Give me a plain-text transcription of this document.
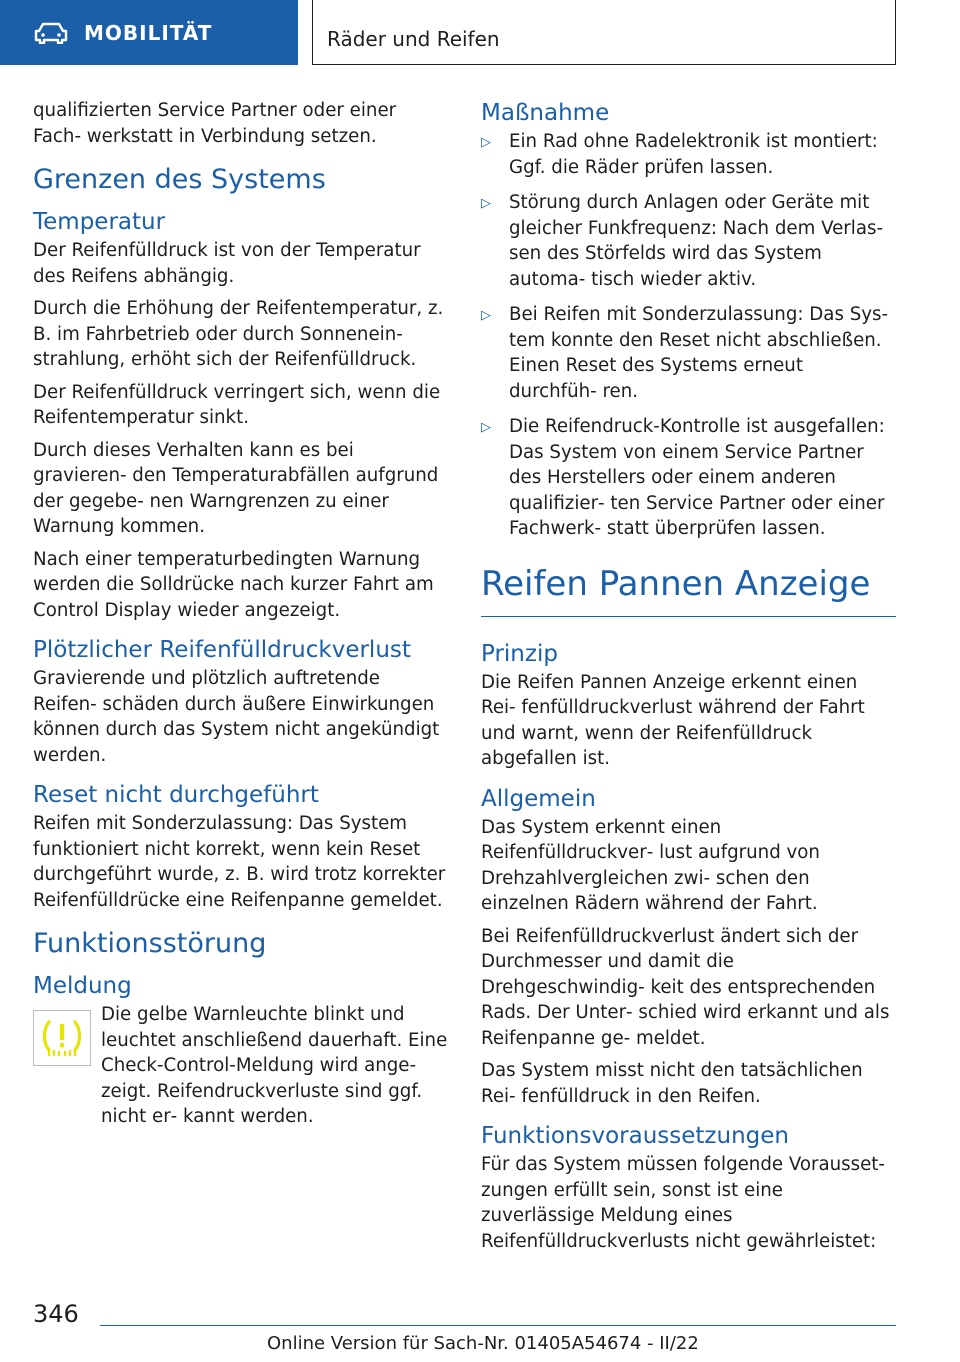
MOBILITÄT	Räder und Reifen

qualifizierten Service Partner oder einer Fach‐ werkstatt in Verbindung setzen.

Grenzen des Systems
Temperatur

Der Reifenfülldruck ist von der Temperatur des Reifens abhängig.

Durch die Erhöhung der Reifentemperatur, z. B. im Fahrbetrieb oder durch Sonnenein‐ strahlung, erhöht sich der Reifenfülldruck.

Der Reifenfülldruck verringert sich, wenn die Reifentemperatur sinkt.

Durch dieses Verhalten kann es bei gravieren‐ den Temperaturabfällen aufgrund der gegebe‐ nen Warngrenzen zu einer Warnung kommen.

Nach einer temperaturbedingten Warnung werden die Solldrücke nach kurzer Fahrt am Control Display wieder angezeigt.

Plötzlicher Reifenfülldruckverlust

Gravierende und plötzlich auftretende Reifen‐ schäden durch äußere Einwirkungen können durch das System nicht angekündigt werden.

Reset nicht durchgeführt

Reifen mit Sonderzulassung: Das System funktioniert nicht korrekt, wenn kein Reset durchgeführt wurde, z. B. wird trotz korrekter Reifenfülldrücke eine Reifenpanne gemeldet.

Funktionsstörung
Meldung

Die gelbe Warnleuchte blinkt und leuchtet anschließend dauerhaft. Eine Check-Control-Meldung wird ange‐ zeigt. Reifendruckverluste sind ggf. nicht er‐ kannt werden.

Maßnahme
▷ Ein Rad ohne Radelektronik ist montiert: Ggf. die Räder prüfen lassen.
▷ Störung durch Anlagen oder Geräte mit gleicher Funkfrequenz: Nach dem Verlas‐ sen des Störfelds wird das System automa‐ tisch wieder aktiv.
▷ Bei Reifen mit Sonderzulassung: Das Sys‐ tem konnte den Reset nicht abschließen. Einen Reset des Systems erneut durchfüh‐ ren.
▷ Die Reifendruck-Kontrolle ist ausgefallen: Das System von einem Service Partner des Herstellers oder einem anderen qualifizier‐ ten Service Partner oder einer Fachwerk‐ statt überprüfen lassen.
Reifen Pannen Anzeige
Prinzip

Die Reifen Pannen Anzeige erkennt einen Rei‐ fenfülldruckverlust während der Fahrt und warnt, wenn der Reifenfülldruck abgefallen ist.

Allgemein

Das System erkennt einen Reifenfülldruckver‐ lust aufgrund von Drehzahlvergleichen zwi‐ schen den einzelnen Rädern während der Fahrt.

Bei Reifenfülldruckverlust ändert sich der Durchmesser und damit die Drehgeschwindig‐ keit des entsprechenden Rads. Der Unter‐ schied wird erkannt und als Reifenpanne ge‐ meldet.

Das System misst nicht den tatsächlichen Rei‐ fenfülldruck in den Reifen.

Funktionsvoraussetzungen

Für das System müssen folgende Vorausset‐ zungen erfüllt sein, sonst ist eine zuverlässige Meldung eines Reifenfülldruckverlusts nicht gewährleistet:

346
Online Version für Sach-Nr. 01405A54674 - II/22
